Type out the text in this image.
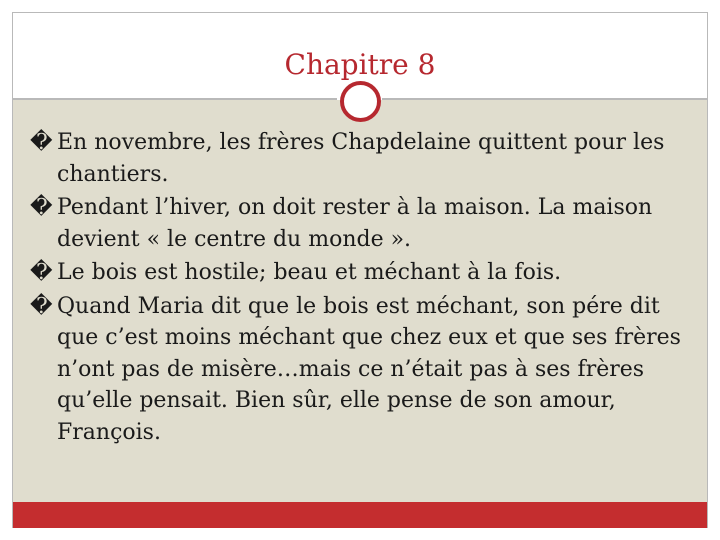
Chapitre 8
� En novembre, les frères Chapdelaine quittent pour les chantiers.
� Pendant l’hiver, on doit rester à la maison. La maison devient « le centre du monde ».
� Le bois est hostile; beau et méchant à la fois.
� Quand Maria dit que le bois est méchant, son pére dit que c’est moins méchant que chez eux et que ses frères n’ont pas de misère…mais ce n’était pas à ses frères qu’elle pensait. Bien sûr, elle pense de son amour, François.
